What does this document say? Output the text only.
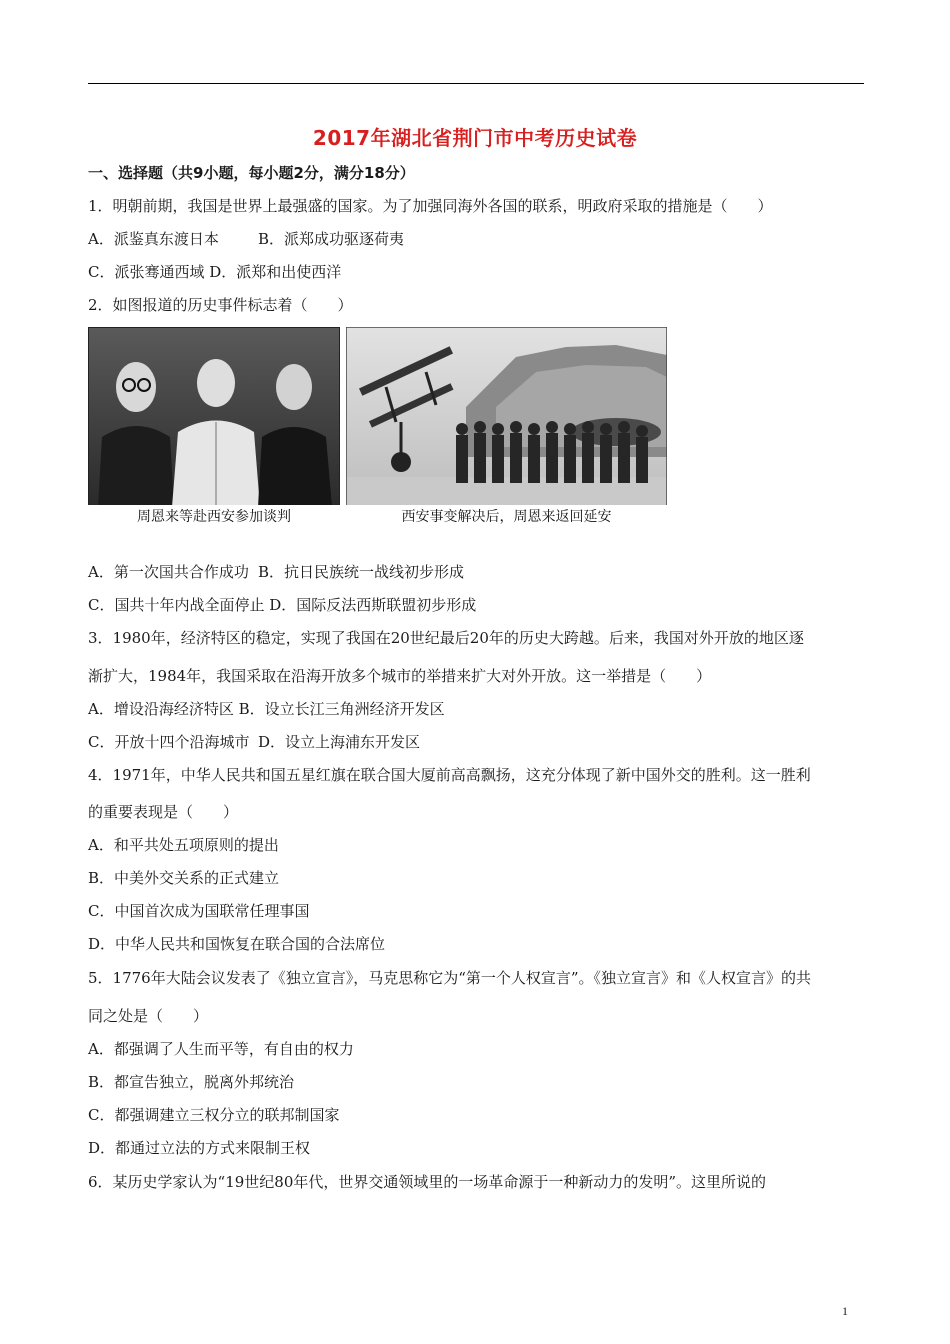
2017年湖北省荆门市中考历史试卷
一、选择题（共9小题，每小题2分，满分18分）
1．明朝前期，我国是世界上最强盛的国家。为了加强同海外各国的联系，明政府采取的措施是（　　）
A．派鉴真东渡日本	B．派郑成功驱逐荷夷
C．派张骞通西域 D．派郑和出使西洋
2．如图报道的历史事件标志着（　　）
周恩来等赴西安参加谈判	西安事变解决后，周恩来返回延安
A．第一次国共合作成功 B．抗日民族统一战线初步形成
C．国共十年内战全面停止 D．国际反法西斯联盟初步形成
3．1980年，经济特区的稳定，实现了我国在20世纪最后20年的历史大跨越。后来，我国对外开放的地区逐
渐扩大，1984年，我国采取在沿海开放多个城市的举措来扩大对外开放。这一举措是（　　）
A．增设沿海经济特区 B．设立长江三角洲经济开发区
C．开放十四个沿海城市 D．设立上海浦东开发区
4．1971年，中华人民共和国五星红旗在联合国大厦前高高飘扬，这充分体现了新中国外交的胜利。这一胜利
的重要表现是（　　）
A．和平共处五项原则的提出
B．中美外交关系的正式建立
C．中国首次成为国联常任理事国
D．中华人民共和国恢复在联合国的合法席位
5．1776年大陆会议发表了《独立宣言》，马克思称它为“第一个人权宣言”。《独立宣言》和《人权宣言》的共
同之处是（　　）
A．都强调了人生而平等，有自由的权力
B．都宣告独立，脱离外邦统治
C．都强调建立三权分立的联邦制国家
D．都通过立法的方式来限制王权
6．某历史学家认为“19世纪80年代，世界交通领域里的一场革命源于一种新动力的发明”。这里所说的
1
